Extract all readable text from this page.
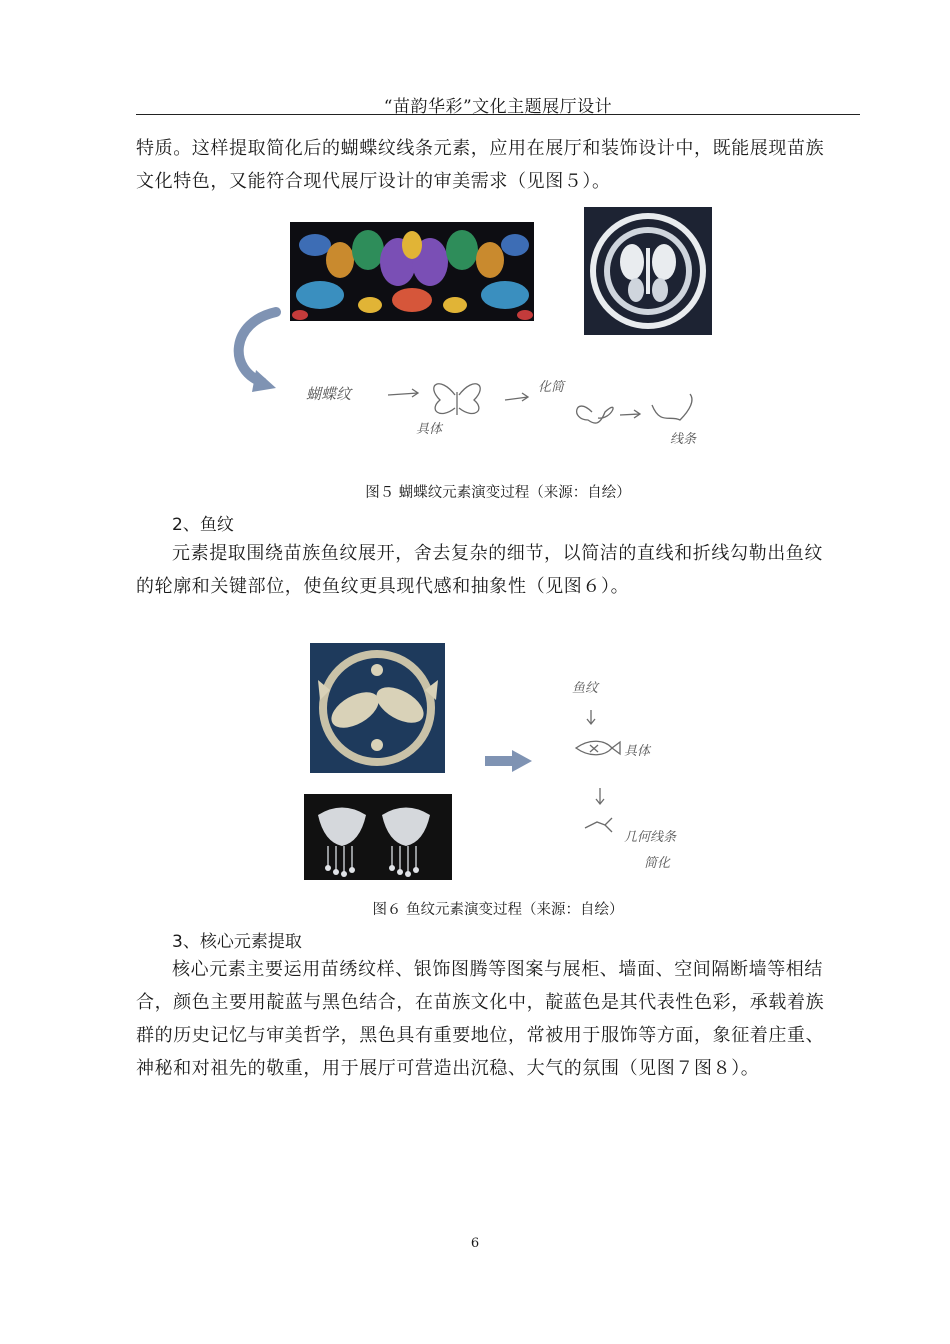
“苗韵华彩”文化主题展厅设计
特质。这样提取简化后的蝴蝶纹线条元素，应用在展厅和装饰设计中，既能展现苗族
文化特色，又能符合现代展厅设计的审美需求（见图５）。
蝴蝶纹
具体
化简
线条
图５ 蝴蝶纹元素演变过程（来源：自绘）
2、鱼纹
元素提取围绕苗族鱼纹展开，舍去复杂的细节，以简洁的直线和折线勾勒出鱼纹
的轮廓和关键部位，使鱼纹更具现代感和抽象性（见图６）。
鱼纹
具体
几何线条
简化
图６ 鱼纹元素演变过程（来源：自绘）
3、核心元素提取
核心元素主要运用苗绣纹样、银饰图腾等图案与展柜、墙面、空间隔断墙等相结
合，颜色主要用靛蓝与黑色结合，在苗族文化中，靛蓝色是其代表性色彩，承载着族
群的历史记忆与审美哲学，黑色具有重要地位，常被用于服饰等方面，象征着庄重、
神秘和对祖先的敬重，用于展厅可营造出沉稳、大气的氛围（见图７图８）。
6
